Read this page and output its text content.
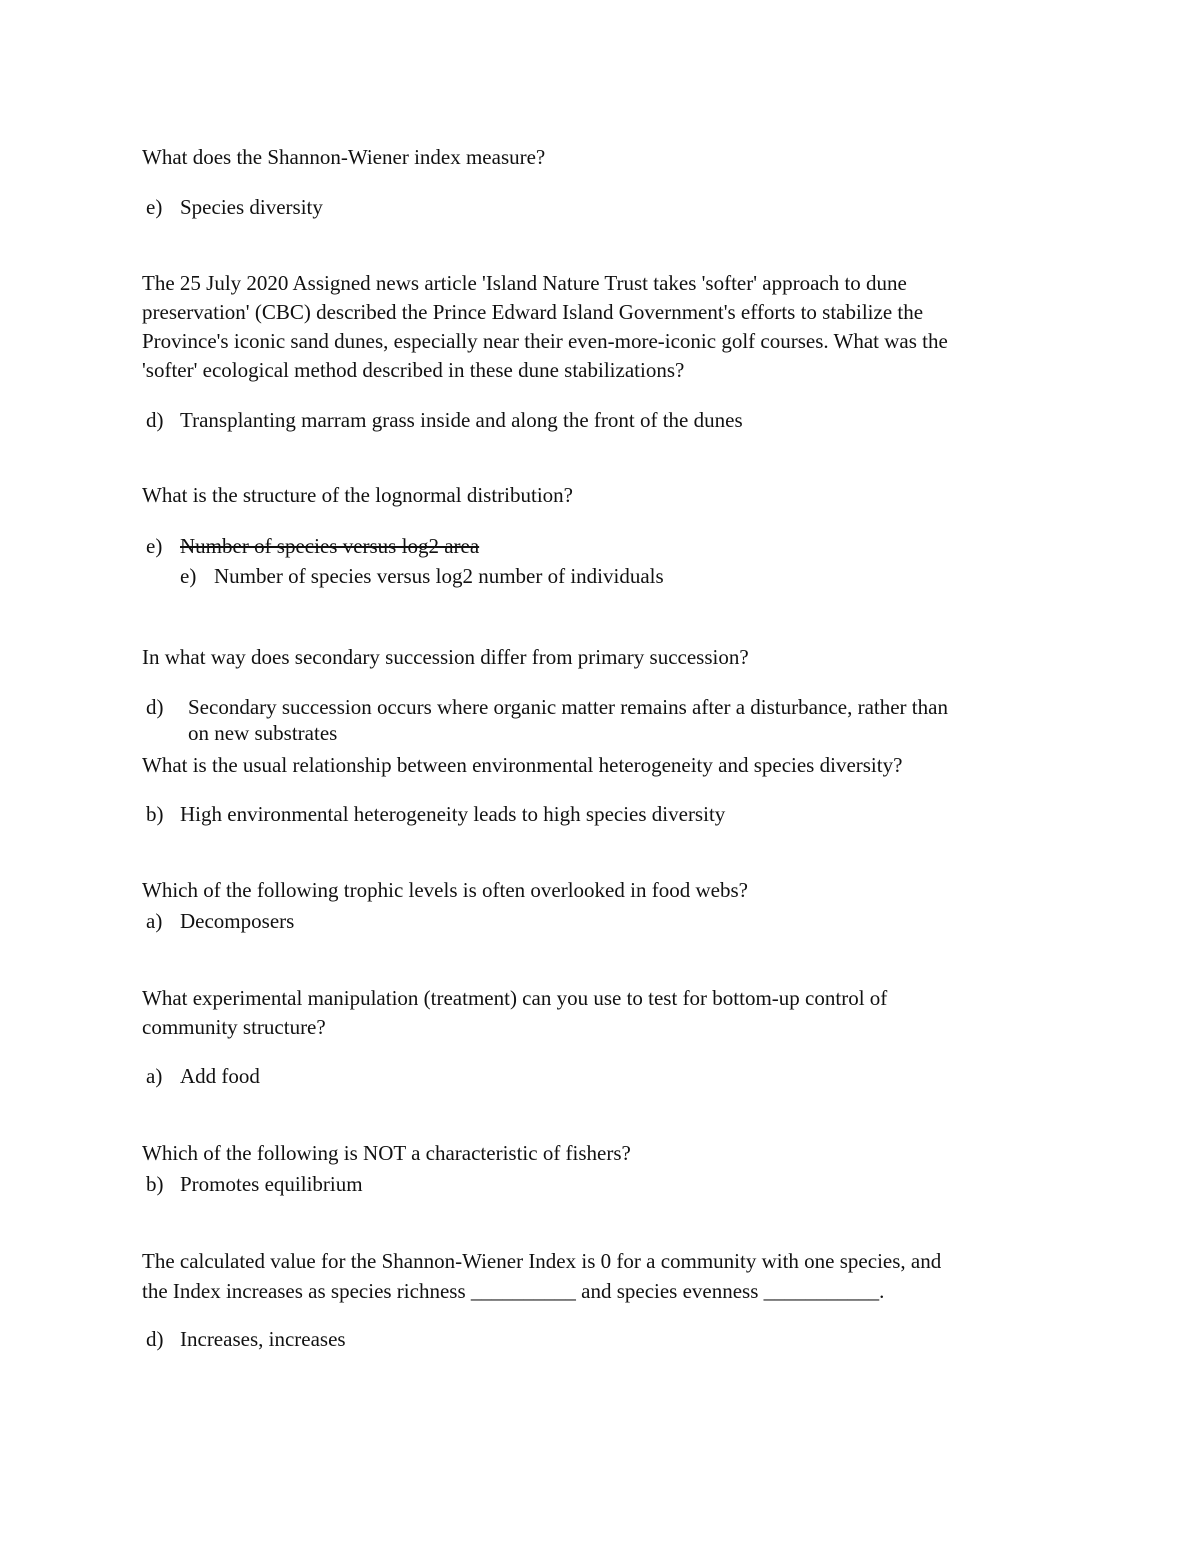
What does the Shannon-Wiener index measure?
e) Species diversity
The 25 July 2020 Assigned news article 'Island Nature Trust takes 'softer' approach to dune
preservation' (CBC) described the Prince Edward Island Government's efforts to stabilize the
Province's iconic sand dunes, especially near their even-more-iconic golf courses. What was the
'softer' ecological method described in these dune stabilizations?
d) Transplanting marram grass inside and along the front of the dunes
What is the structure of the lognormal distribution?
e) Number of species versus log2 area
e) Number of species versus log2 number of individuals
In what way does secondary succession differ from primary succession?
d) Secondary succession occurs where organic matter remains after a disturbance, rather than
on new substrates
What is the usual relationship between environmental heterogeneity and species diversity?
b) High environmental heterogeneity leads to high species diversity
Which of the following trophic levels is often overlooked in food webs?
a) Decomposers
What experimental manipulation (treatment) can you use to test for bottom-up control of
community structure?
a) Add food
Which of the following is NOT a characteristic of fishers?
b) Promotes equilibrium
The calculated value for the Shannon-Wiener Index is 0 for a community with one species, and
the Index increases as species richness __________ and species evenness ___________.
d) Increases, increases
